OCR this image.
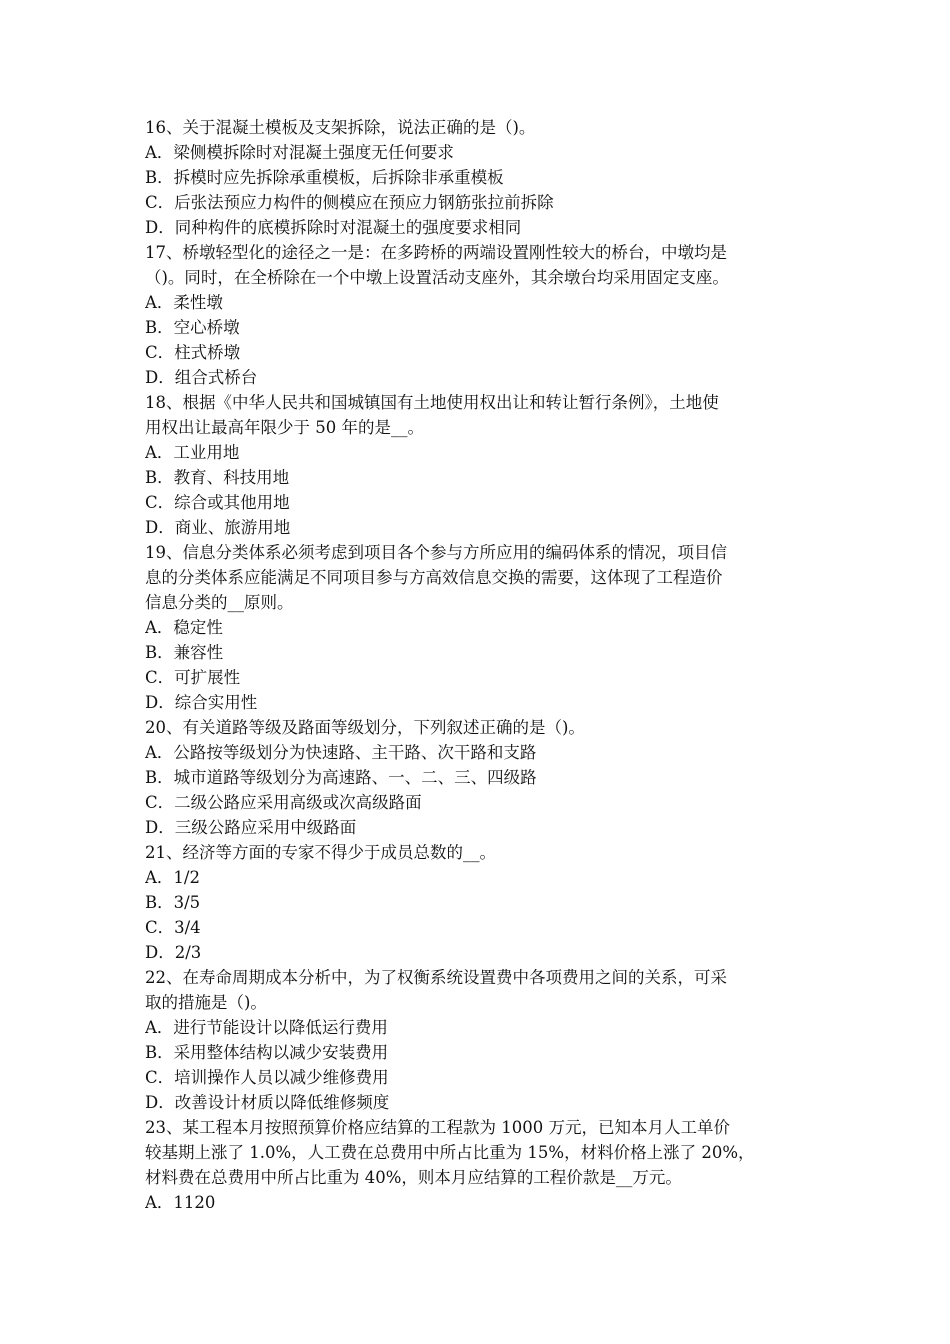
16、关于混凝土模板及支架拆除，说法正确的是（)。
A．梁侧模拆除时对混凝土强度无任何要求
B．拆模时应先拆除承重模板，后拆除非承重模板
C．后张法预应力构件的侧模应在预应力钢筋张拉前拆除
D．同种构件的底模拆除时对混凝土的强度要求相同
17、桥墩轻型化的途径之一是：在多跨桥的两端设置刚性较大的桥台，中墩均是
（)。同时，在全桥除在一个中墩上设置活动支座外，其余墩台均采用固定支座。
A．柔性墩
B．空心桥墩
C．柱式桥墩
D．组合式桥台
18、根据《中华人民共和国城镇国有土地使用权出让和转让暂行条例》，土地使
用权出让最高年限少于 50 年的是__。
A．工业用地
B．教育、科技用地
C．综合或其他用地
D．商业、旅游用地
19、信息分类体系必须考虑到项目各个参与方所应用的编码体系的情况，项目信
息的分类体系应能满足不同项目参与方高效信息交换的需要，这体现了工程造价
信息分类的__原则。
A．稳定性
B．兼容性
C．可扩展性
D．综合实用性
20、有关道路等级及路面等级划分，下列叙述正确的是（)。
A．公路按等级划分为快速路、主干路、次干路和支路
B．城市道路等级划分为高速路、一、二、三、四级路
C．二级公路应采用高级或次高级路面
D．三级公路应采用中级路面
21、经济等方面的专家不得少于成员总数的__。
A．1/2
B．3/5
C．3/4
D．2/3
22、在寿命周期成本分析中，为了权衡系统设置费中各项费用之间的关系，可采
取的措施是（)。
A．进行节能设计以降低运行费用
B．采用整体结构以减少安装费用
C．培训操作人员以减少维修费用
D．改善设计材质以降低维修频度
23、某工程本月按照预算价格应结算的工程款为 1000 万元，已知本月人工单价
较基期上涨了 1.0%，人工费在总费用中所占比重为 15%，材料价格上涨了 20%，
材料费在总费用中所占比重为 40%，则本月应结算的工程价款是__万元。
A．1120
